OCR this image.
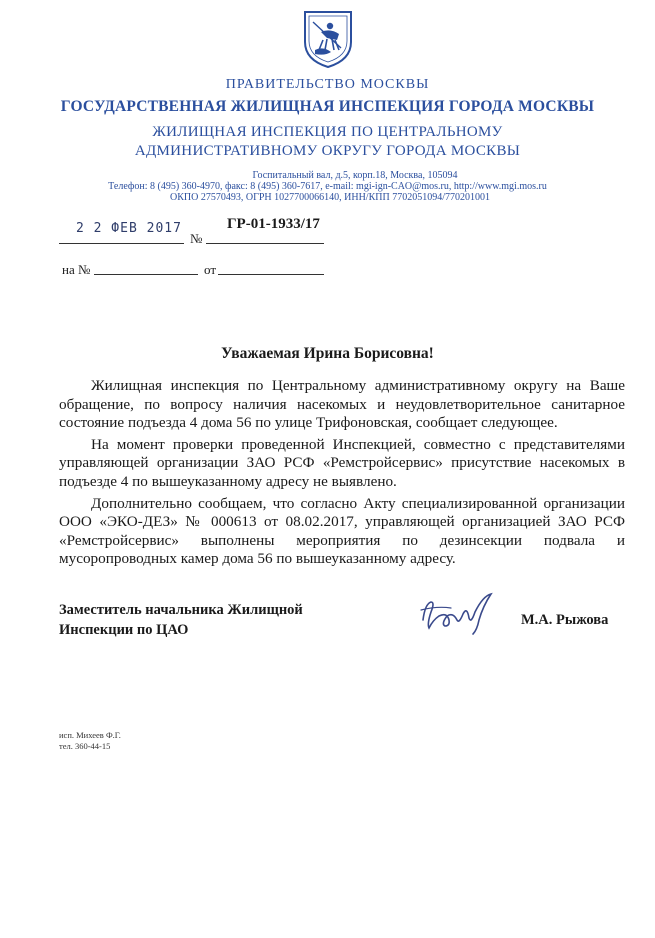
ПРАВИТЕЛЬСТВО МОСКВЫ
ГОСУДАРСТВЕННАЯ ЖИЛИЩНАЯ ИНСПЕКЦИЯ ГОРОДА МОСКВЫ
ЖИЛИЩНАЯ ИНСПЕКЦИЯ ПО ЦЕНТРАЛЬНОМУ
АДМИНИСТРАТИВНОМУ ОКРУГУ ГОРОДА МОСКВЫ
Госпитальный вал, д.5, корп.18, Москва, 105094
Телефон: 8 (495) 360-4970, факс: 8 (495) 360-7617, e-mail: mgi-ign-CAO@mos.ru, http://www.mgi.mos.ru
ОКПО 27570493, ОГРН 1027700066140, ИНН/КПП 7702051094/770201001
2 2 ФЕВ 2017
№
ГР-01-1933/17
на №	от
Уважаемая Ирина Борисовна!

Жилищная инспекция по Центральному административному округу на Ваше обращение, по вопросу наличия насекомых и неудовлетворительное санитарное состояние подъезда 4 дома 56 по улице Трифоновская, сообщает следующее.

На момент проверки проведенной Инспекцией, совместно с представителями управляющей организации ЗАО РСФ «Ремстройсервис» присутствие насекомых в подъезде 4 по вышеуказанному адресу не выявлено.

Дополнительно сообщаем, что согласно Акту специализированной организации ООО «ЭКО-ДЕЗ» № 000613 от 08.02.2017, управляющей организацией ЗАО РСФ «Ремстройсервис» выполнены мероприятия по дезинсекции подвала и мусоропроводных камер дома 56 по вышеуказанному адресу.

Заместитель начальника Жилищной
Инспекции по ЦАО
М.А. Рыжова
исп. Михеев Ф.Г.
тел. 360-44-15
